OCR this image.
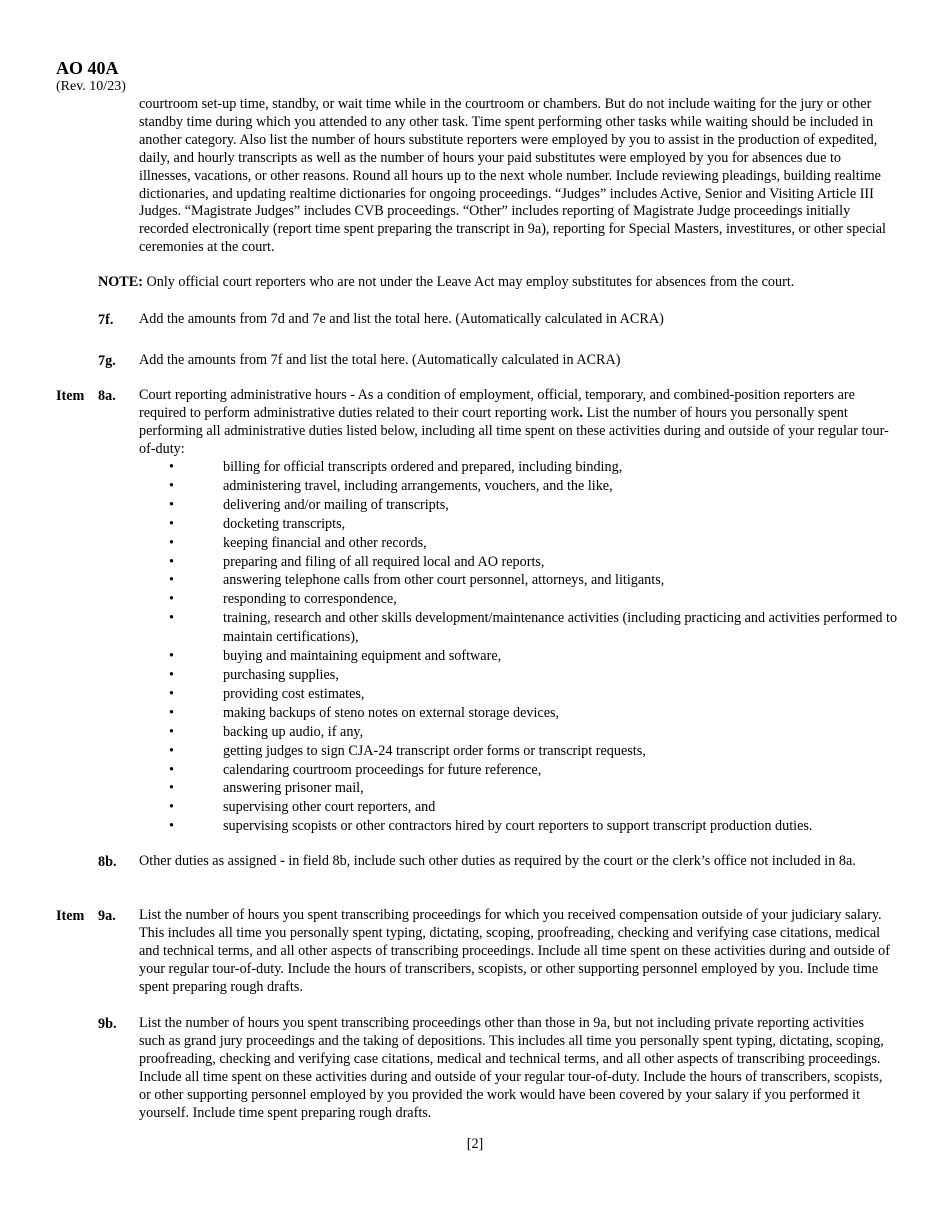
AO 40A
(Rev. 10/23)

courtroom set-up time, standby, or wait time while in the courtroom or chambers. But do not include waiting for the jury or other standby time during which you attended to any other task. Time spent performing other tasks while waiting should be included in another category. Also list the number of hours substitute reporters were employed by you to assist in the production of expedited, daily, and hourly transcripts as well as the number of hours your paid substitutes were employed by you for absences due to illnesses, vacations, or other reasons. Round all hours up to the next whole number. Include reviewing pleadings, building realtime dictionaries, and updating realtime dictionaries for ongoing proceedings. “Judges” includes Active, Senior and Visiting Article III Judges. “Magistrate Judges” includes CVB proceedings. “Other” includes reporting of Magistrate Judge proceedings initially recorded electronically (report time spent preparing the transcript in 9a), reporting for Special Masters, investitures, or other special ceremonies at the court.

NOTE: Only official court reporters who are not under the Leave Act may employ substitutes for absences from the court.
7f. Add the amounts from 7d and 7e and list the total here. (Automatically calculated in ACRA)

7g. Add the amounts from 7f and list the total here. (Automatically calculated in ACRA)

Item 8a. Court reporting administrative hours - As a condition of employment, official, temporary, and combined-position reporters are required to perform administrative duties related to their court reporting work. List the number of hours you personally spent performing all administrative duties listed below, including all time spent on these activities during and outside of your regular tour-of-duty:

•	billing for official transcripts ordered and prepared, including binding,
•	administering travel, including arrangements, vouchers, and the like,
•	delivering and/or mailing of transcripts,
•	docketing transcripts,
•	keeping financial and other records,
•	preparing and filing of all required local and AO reports,
•	answering telephone calls from other court personnel, attorneys, and litigants,
•	responding to correspondence,
•	training, research and other skills development/maintenance activities (including practicing and activities performed to maintain certifications),
•	buying and maintaining equipment and software,
•	purchasing supplies,
•	providing cost estimates,
•	making backups of steno notes on external storage devices,
•	backing up audio, if any,
•	getting judges to sign CJA-24 transcript order forms or transcript requests,
•	calendaring courtroom proceedings for future reference,
•	answering prisoner mail,
•	supervising other court reporters, and
•	supervising scopists or other contractors hired by court reporters to support transcript production duties.
8b. Other duties as assigned - in field 8b, include such other duties as required by the court or the clerk’s office not included in 8a.

Item 9a. List the number of hours you spent transcribing proceedings for which you received compensation outside of your judiciary salary. This includes all time you personally spent typing, dictating, scoping, proofreading, checking and verifying case citations, medical and technical terms, and all other aspects of transcribing proceedings. Include all time spent on these activities during and outside of your regular tour-of-duty. Include the hours of transcribers, scopists, or other supporting personnel employed by you. Include time spent preparing rough drafts.

9b. List the number of hours you spent transcribing proceedings other than those in 9a, but not including private reporting activities such as grand jury proceedings and the taking of depositions. This includes all time you personally spent typing, dictating, scoping, proofreading, checking and verifying case citations, medical and technical terms, and all other aspects of transcribing proceedings. Include all time spent on these activities during and outside of your regular tour-of-duty. Include the hours of transcribers, scopists, or other supporting personnel employed by you provided the work would have been covered by your salary if you performed it yourself. Include time spent preparing rough drafts.

[2]
